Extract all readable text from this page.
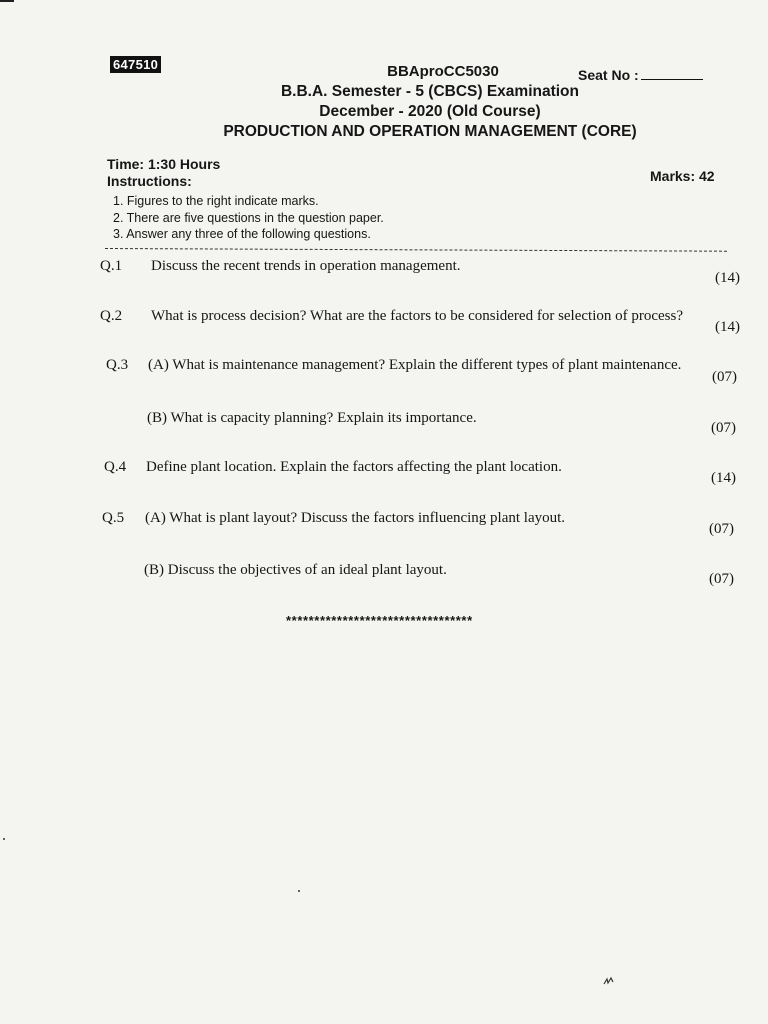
647510	BBAproCC5030
B.B.A. Semester - 5 (CBCS) Examination
December - 2020 (Old Course)
PRODUCTION AND OPERATION MANAGEMENT (CORE)
Seat No :
Time: 1:30 Hours
Instructions:	Marks: 42
1. Figures to the right indicate marks.
2. There are five questions in the question paper.
3. Answer any three of the following questions.
Q.1 Discuss the recent trends in operation management.
(14)
Q.2 What is process decision? What are the factors to be considered for selection of process?
(14)
Q.3 (A) What is maintenance management? Explain the different types of plant maintenance.
(07)
(B) What is capacity planning? Explain its importance.
(07)
Q.4 Define plant location. Explain the factors affecting the plant location.
(14)
Q.5 (A) What is plant layout? Discuss the factors influencing plant layout.
(07)
(B) Discuss the objectives of an ideal plant layout.
(07)
*********************************
